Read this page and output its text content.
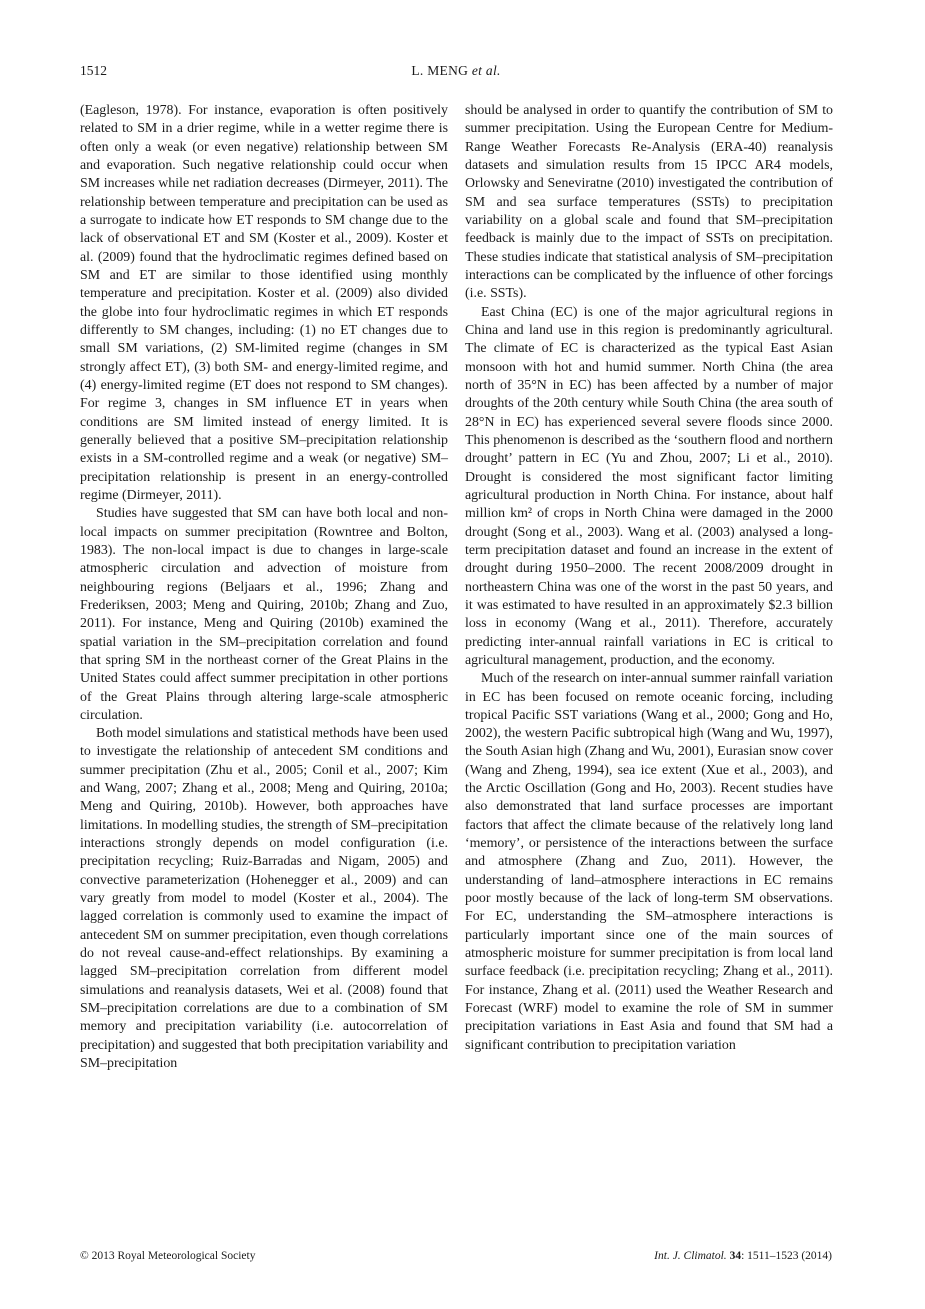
1512	L. MENG et al.

(Eagleson, 1978). For instance, evaporation is often positively related to SM in a drier regime, while in a wetter regime there is often only a weak (or even negative) relationship between SM and evaporation. Such negative relationship could occur when SM increases while net radiation decreases (Dirmeyer, 2011). The relationship between temperature and precipitation can be used as a surrogate to indicate how ET responds to SM change due to the lack of observational ET and SM (Koster et al., 2009). Koster et al. (2009) found that the hydroclimatic regimes defined based on SM and ET are similar to those identified using monthly temperature and precipitation. Koster et al. (2009) also divided the globe into four hydroclimatic regimes in which ET responds differently to SM changes, including: (1) no ET changes due to small SM variations, (2) SM-limited regime (changes in SM strongly affect ET), (3) both SM- and energy-limited regime, and (4) energy-limited regime (ET does not respond to SM changes). For regime 3, changes in SM influence ET in years when conditions are SM limited instead of energy limited. It is generally believed that a positive SM–precipitation relationship exists in a SM-controlled regime and a weak (or negative) SM–precipitation relationship is present in an energy-controlled regime (Dirmeyer, 2011).

Studies have suggested that SM can have both local and non-local impacts on summer precipitation (Rowntree and Bolton, 1983). The non-local impact is due to changes in large-scale atmospheric circulation and advection of moisture from neighbouring regions (Beljaars et al., 1996; Zhang and Frederiksen, 2003; Meng and Quiring, 2010b; Zhang and Zuo, 2011). For instance, Meng and Quiring (2010b) examined the spatial variation in the SM–precipitation correlation and found that spring SM in the northeast corner of the Great Plains in the United States could affect summer precipitation in other portions of the Great Plains through altering large-scale atmospheric circulation.

Both model simulations and statistical methods have been used to investigate the relationship of antecedent SM conditions and summer precipitation (Zhu et al., 2005; Conil et al., 2007; Kim and Wang, 2007; Zhang et al., 2008; Meng and Quiring, 2010a; Meng and Quiring, 2010b). However, both approaches have limitations. In modelling studies, the strength of SM–precipitation interactions strongly depends on model configuration (i.e. precipitation recycling; Ruiz-Barradas and Nigam, 2005) and convective parameterization (Hohenegger et al., 2009) and can vary greatly from model to model (Koster et al., 2004). The lagged correlation is commonly used to examine the impact of antecedent SM on summer precipitation, even though correlations do not reveal cause-and-effect relationships. By examining a lagged SM–precipitation correlation from different model simulations and reanalysis datasets, Wei et al. (2008) found that SM–precipitation correlations are due to a combination of SM memory and precipitation variability (i.e. autocorrelation of precipitation) and suggested that both precipitation variability and SM–precipitation

should be analysed in order to quantify the contribution of SM to summer precipitation. Using the European Centre for Medium-Range Weather Forecasts Re-Analysis (ERA-40) reanalysis datasets and simulation results from 15 IPCC AR4 models, Orlowsky and Seneviratne (2010) investigated the contribution of SM and sea surface temperatures (SSTs) to precipitation variability on a global scale and found that SM–precipitation feedback is mainly due to the impact of SSTs on precipitation. These studies indicate that statistical analysis of SM–precipitation interactions can be complicated by the influence of other forcings (i.e. SSTs).

East China (EC) is one of the major agricultural regions in China and land use in this region is predominantly agricultural. The climate of EC is characterized as the typical East Asian monsoon with hot and humid summer. North China (the area north of 35°N in EC) has been affected by a number of major droughts of the 20th century while South China (the area south of 28°N in EC) has experienced several severe floods since 2000. This phenomenon is described as the ‘southern flood and northern drought’ pattern in EC (Yu and Zhou, 2007; Li et al., 2010). Drought is considered the most significant factor limiting agricultural production in North China. For instance, about half million km² of crops in North China were damaged in the 2000 drought (Song et al., 2003). Wang et al. (2003) analysed a long-term precipitation dataset and found an increase in the extent of drought during 1950–2000. The recent 2008/2009 drought in northeastern China was one of the worst in the past 50 years, and it was estimated to have resulted in an approximately $2.3 billion loss in economy (Wang et al., 2011). Therefore, accurately predicting inter-annual rainfall variations in EC is critical to agricultural management, production, and the economy.

Much of the research on inter-annual summer rainfall variation in EC has been focused on remote oceanic forcing, including tropical Pacific SST variations (Wang et al., 2000; Gong and Ho, 2002), the western Pacific subtropical high (Wang and Wu, 1997), the South Asian high (Zhang and Wu, 2001), Eurasian snow cover (Wang and Zheng, 1994), sea ice extent (Xue et al., 2003), and the Arctic Oscillation (Gong and Ho, 2003). Recent studies have also demonstrated that land surface processes are important factors that affect the climate because of the relatively long land ‘memory’, or persistence of the interactions between the surface and atmosphere (Zhang and Zuo, 2011). However, the understanding of land–atmosphere interactions in EC remains poor mostly because of the lack of long-term SM observations. For EC, understanding the SM–atmosphere interactions is particularly important since one of the main sources of atmospheric moisture for summer precipitation is from local land surface feedback (i.e. precipitation recycling; Zhang et al., 2011). For instance, Zhang et al. (2011) used the Weather Research and Forecast (WRF) model to examine the role of SM in summer precipitation variations in East Asia and found that SM had a significant contribution to precipitation variation

© 2013 Royal Meteorological Society	Int. J. Climatol. 34: 1511–1523 (2014)
